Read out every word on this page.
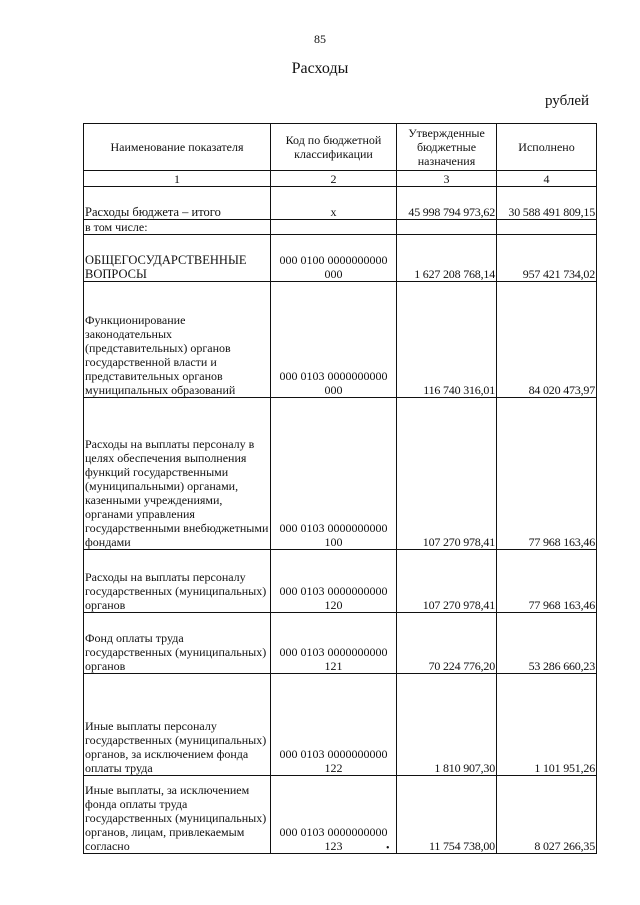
85
Расходы
рублей
Наименование показателя	Код по бюджетной классификации	Утвержденные бюджетные назначения	Исполнено
1	2	3	4
Расходы бюджета – итого	x	45 998 794 973,62	30 588 491 809,15
в том числе:			
ОБЩЕГОСУДАРСТВЕННЫЕ ВОПРОСЫ	000 0100 0000000000 000	1 627 208 768,14	957 421 734,02
Функционирование законодательных (представительных) органов государственной власти и представительных органов муниципальных образований	000 0103 0000000000 000	116 740 316,01	84 020 473,97
Расходы на выплаты персоналу в целях обеспечения выполнения функций государственными (муниципальными) органами, казенными учреждениями, органами управления государственными внебюджетными фондами	000 0103 0000000000 100	107 270 978,41	77 968 163,46
Расходы на выплаты персоналу государственных (муниципальных) органов	000 0103 0000000000 120	107 270 978,41	77 968 163,46
Фонд оплаты труда государственных (муниципальных) органов	000 0103 0000000000 121	70 224 776,20	53 286 660,23
Иные выплаты персоналу государственных (муниципальных) органов, за исключением фонда оплаты труда	000 0103 0000000000 122	1 810 907,30	1 101 951,26
Иные выплаты, за исключением фонда оплаты труда государственных (муниципальных) органов, лицам, привлекаемым согласно	000 0103 0000000000 123	11 754 738,00	8 027 266,35
•
